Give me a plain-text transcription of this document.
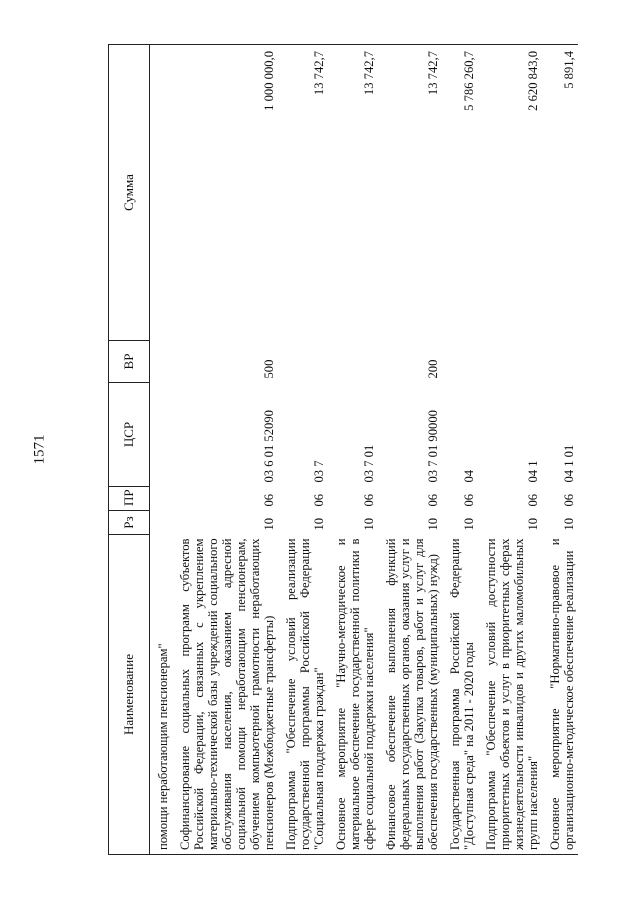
1571
Наименование	Рз	ПР	ЦСР	ВР	Сумма
помощи неработающим пенсионерам"					
Софинансирование социальных программ субъектов Российской Федерации, связанных с укреплением материально-технической базы учреждений социального обслуживания населения, оказанием адресной социальной помощи неработающим пенсионерам, обучением компьютерной грамотности неработающих пенсионеров (Межбюджетные трансферты)	10	06	03 6 01 52090	500	1 000 000,0
Подпрограмма "Обеспечение условий реализации государственной программы Российской Федерации "Социальная поддержка граждан"	10	06	03 7		13 742,7
Основное мероприятие "Научно-методическое и материальное обеспечение государственной политики в сфере социальной поддержки населения"	10	06	03 7 01		13 742,7
Финансовое обеспечение выполнения функций федеральных государственных органов, оказания услуг и выполнения работ (Закупка товаров, работ и услуг для обеспечения государственных (муниципальных) нужд)	10	06	03 7 01 90000	200	13 742,7
Государственная программа Российской Федерации "Доступная среда" на 2011 - 2020 годы	10	06	04		5 786 260,7
Подпрограмма "Обеспечение условий доступности приоритетных объектов и услуг в приоритетных сферах жизнедеятельности инвалидов и других маломобильных групп населения"	10	06	04 1		2 620 843,0
Основное мероприятие "Нормативно-правовое и организационно-методическое обеспечение реализации	10	06	04 1 01		5 891,4
